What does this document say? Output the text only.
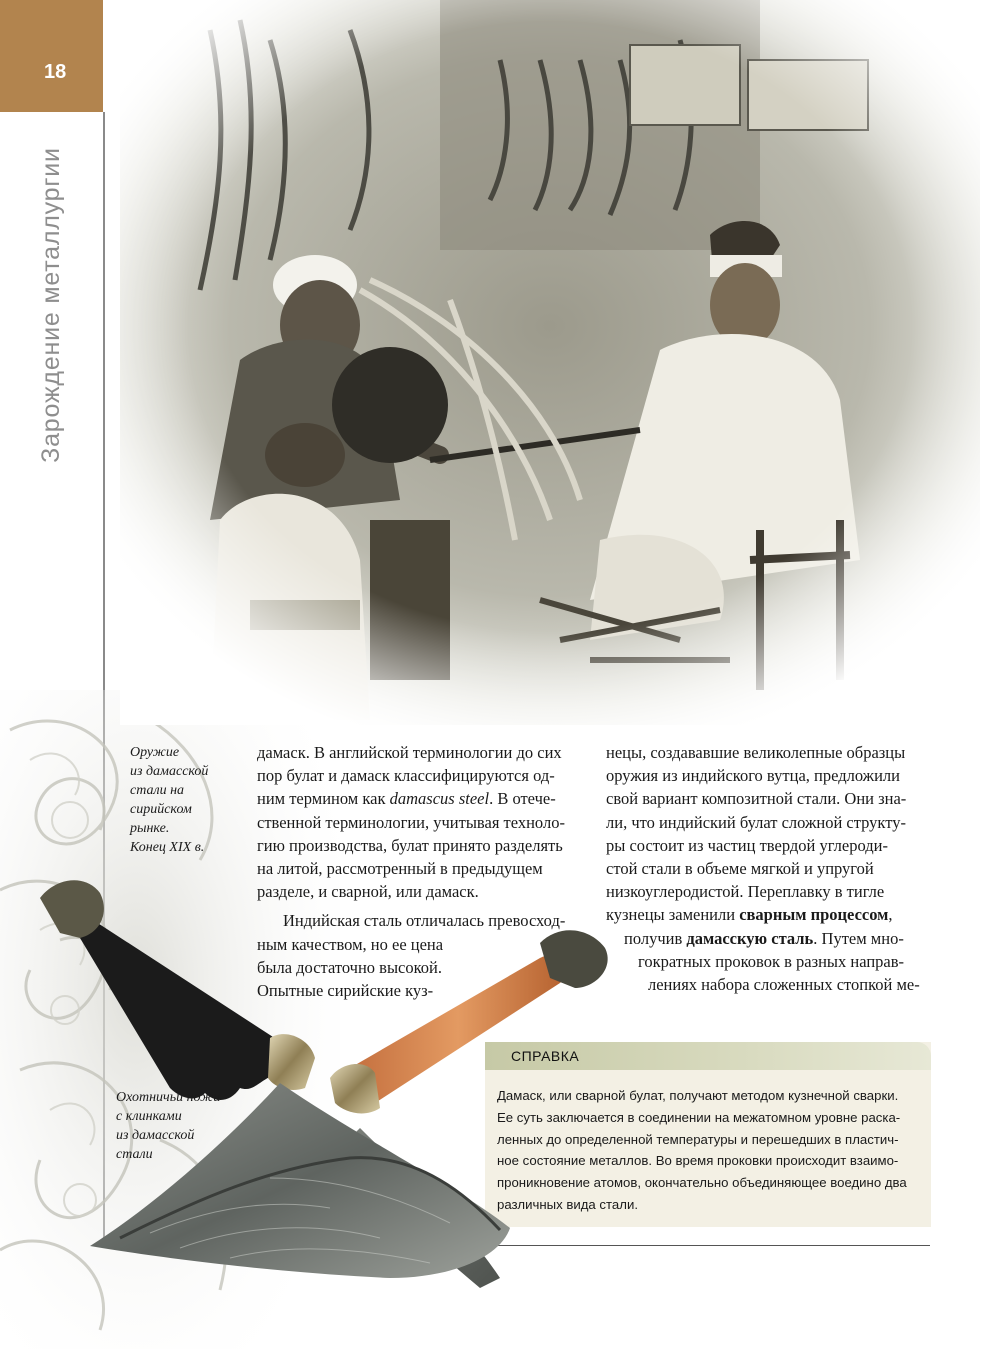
18
Зарождение металлургии
Оружие
из дамасской
стали на
сирийском
рынке.
Конец XIX в.

дамаск. В английской терминологии до сих
пор булат и дамаск классифицируются од-
ним термином как damascus steel. В отече-
ственной терминологии, учитывая техноло-
гию производства, булат принято разделять
на литой, рассмотренный в предыдущем
разделе, и сварной, или дамаск.

Индийская сталь отличалась превосход-
ным качеством, но ее цена
была достаточно высокой.
Опытные сирийские куз-

нецы, создававшие великолепные образцы
оружия из индийского вутца, предложили
свой вариант композитной стали. Они зна-
ли, что индийский булат сложной структу-
ры состоит из частиц твердой углероди-
стой стали в объеме мягкой и упругой
низкоуглеродистой. Переплавку в тигле
кузнецы заменили сварным процессом,
получив дамасскую сталь. Путем мно-
гократных проковок в разных направ-
лениях набора сложенных стопкой ме-

СПРАВКА
Дамаск, или сварной булат, получают методом кузнечной сварки.
Ее суть заключается в соединении на межатомном уровне раска-
ленных до определенной температуры и перешедших в пластич-
ное состояние металлов. Во время проковки происходит взаимо-
проникновение атомов, окончательно объединяющее воедино два
различных вида стали.
Охотничьи ножи
с клинками
из дамасской
стали
